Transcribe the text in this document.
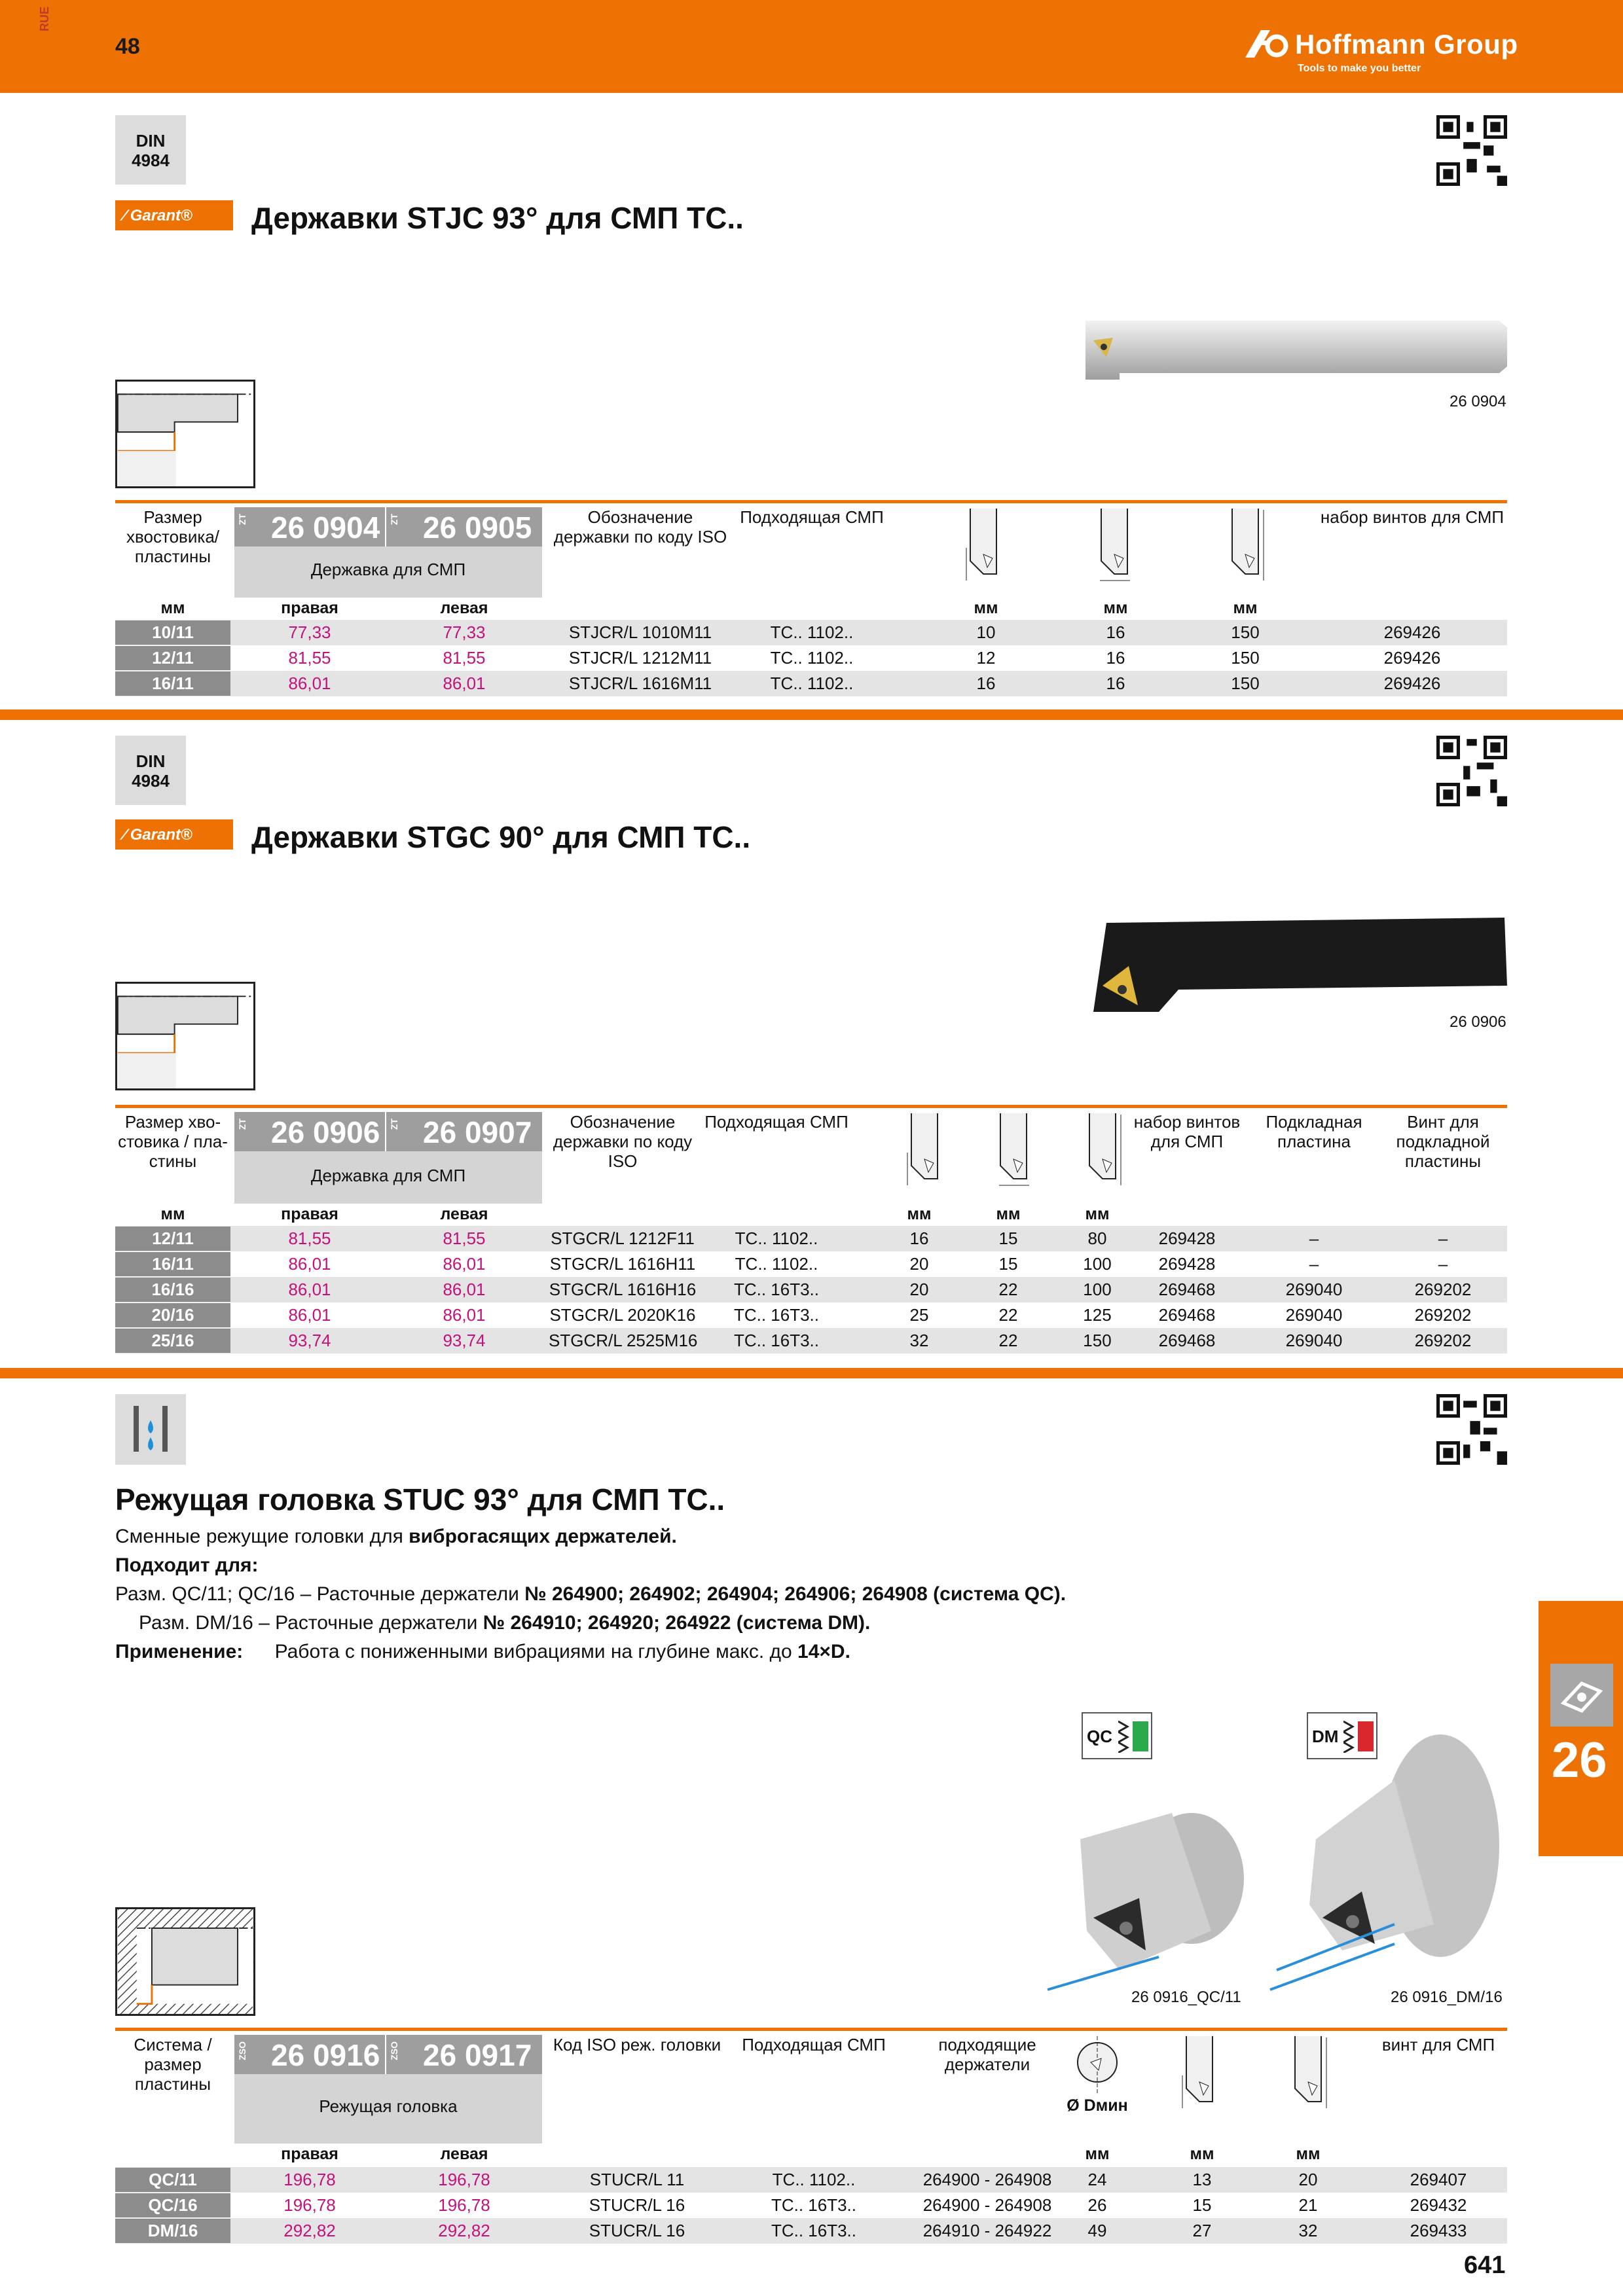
RUE
48	Hoffmann Group
Tools to make you better
DIN
4984
∕ Garant®	Державки STJC 93° для СМП TC..
26 0904
Размер хвостовика/ пластины
ZT 26 0904 ZT 26 0905
Державка для СМП
Обозначение державки по коду ISO
Подходящая СМП	набор винтов для СМП
мм	правая	левая	мм	мм	мм
10/11	77,33	77,33	STJCR/L 1010M11	TC.. 1102..	10	16	150	269426
12/11	81,55	81,55	STJCR/L 1212M11	TC.. 1102..	12	16	150	269426
16/11	86,01	86,01	STJCR/L 1616M11	TC.. 1102..	16	16	150	269426
DIN
4984
∕ Garant®	Державки STGC 90° для СМП TC..
26 0906
Размер хво- стовика / пла- стины
ZT 26 0906 ZT 26 0907
Державка для СМП
Обозначение державки по коду ISO
Подходящая СМП	набор винтов для СМП
Подкладная пластина
Винт для подкладной пластины
мм	правая	левая	мм	мм	мм
12/11	81,55	81,55	STGCR/L 1212F11	TC.. 1102..	16	15	80	269428	–	–
16/11	86,01	86,01	STGCR/L 1616H11	TC.. 1102..	20	15	100	269428	–	–
16/16	86,01	86,01	STGCR/L 1616H16	TC.. 16T3..	20	22	100	269468	269040	269202
20/16	86,01	86,01	STGCR/L 2020K16	TC.. 16T3..	25	22	125	269468	269040	269202
25/16	93,74	93,74	STGCR/L 2525M16	TC.. 16T3..	32	22	150	269468	269040	269202
Режущая головка STUC 93° для СМП TC..
Сменные режущие головки для виброгасящих держателей.
Подходит для:
Разм. QC/11; QC/16 – Расточные держатели № 264900; 264902; 264904; 264906; 264908 (система QC).
Разм. DM/16 – Расточные держатели № 264910; 264920; 264922 (система DM).
Применение: Работа с пониженными вибрациями на глубине макс. до 14×D.
26
QC	DM
26 0916_QC/11	26 0916_DM/16
Система / размер пластины
ZSO 26 0916 ZSO 26 0917
Режущая головка
Код ISO реж. головки	Подходящая СМП	подходящие держатели
Ø Dмин
винт для СМП
правая	левая	мм	мм	мм
QC/11	196,78	196,78	STUCR/L 11	TC.. 1102..	264900 - 264908	24	13	20	269407
QC/16	196,78	196,78	STUCR/L 16	TC.. 16T3..	264900 - 264908	26	15	21	269432
DM/16	292,82	292,82	STUCR/L 16	TC.. 16T3..	264910 - 264922	49	27	32	269433
641
